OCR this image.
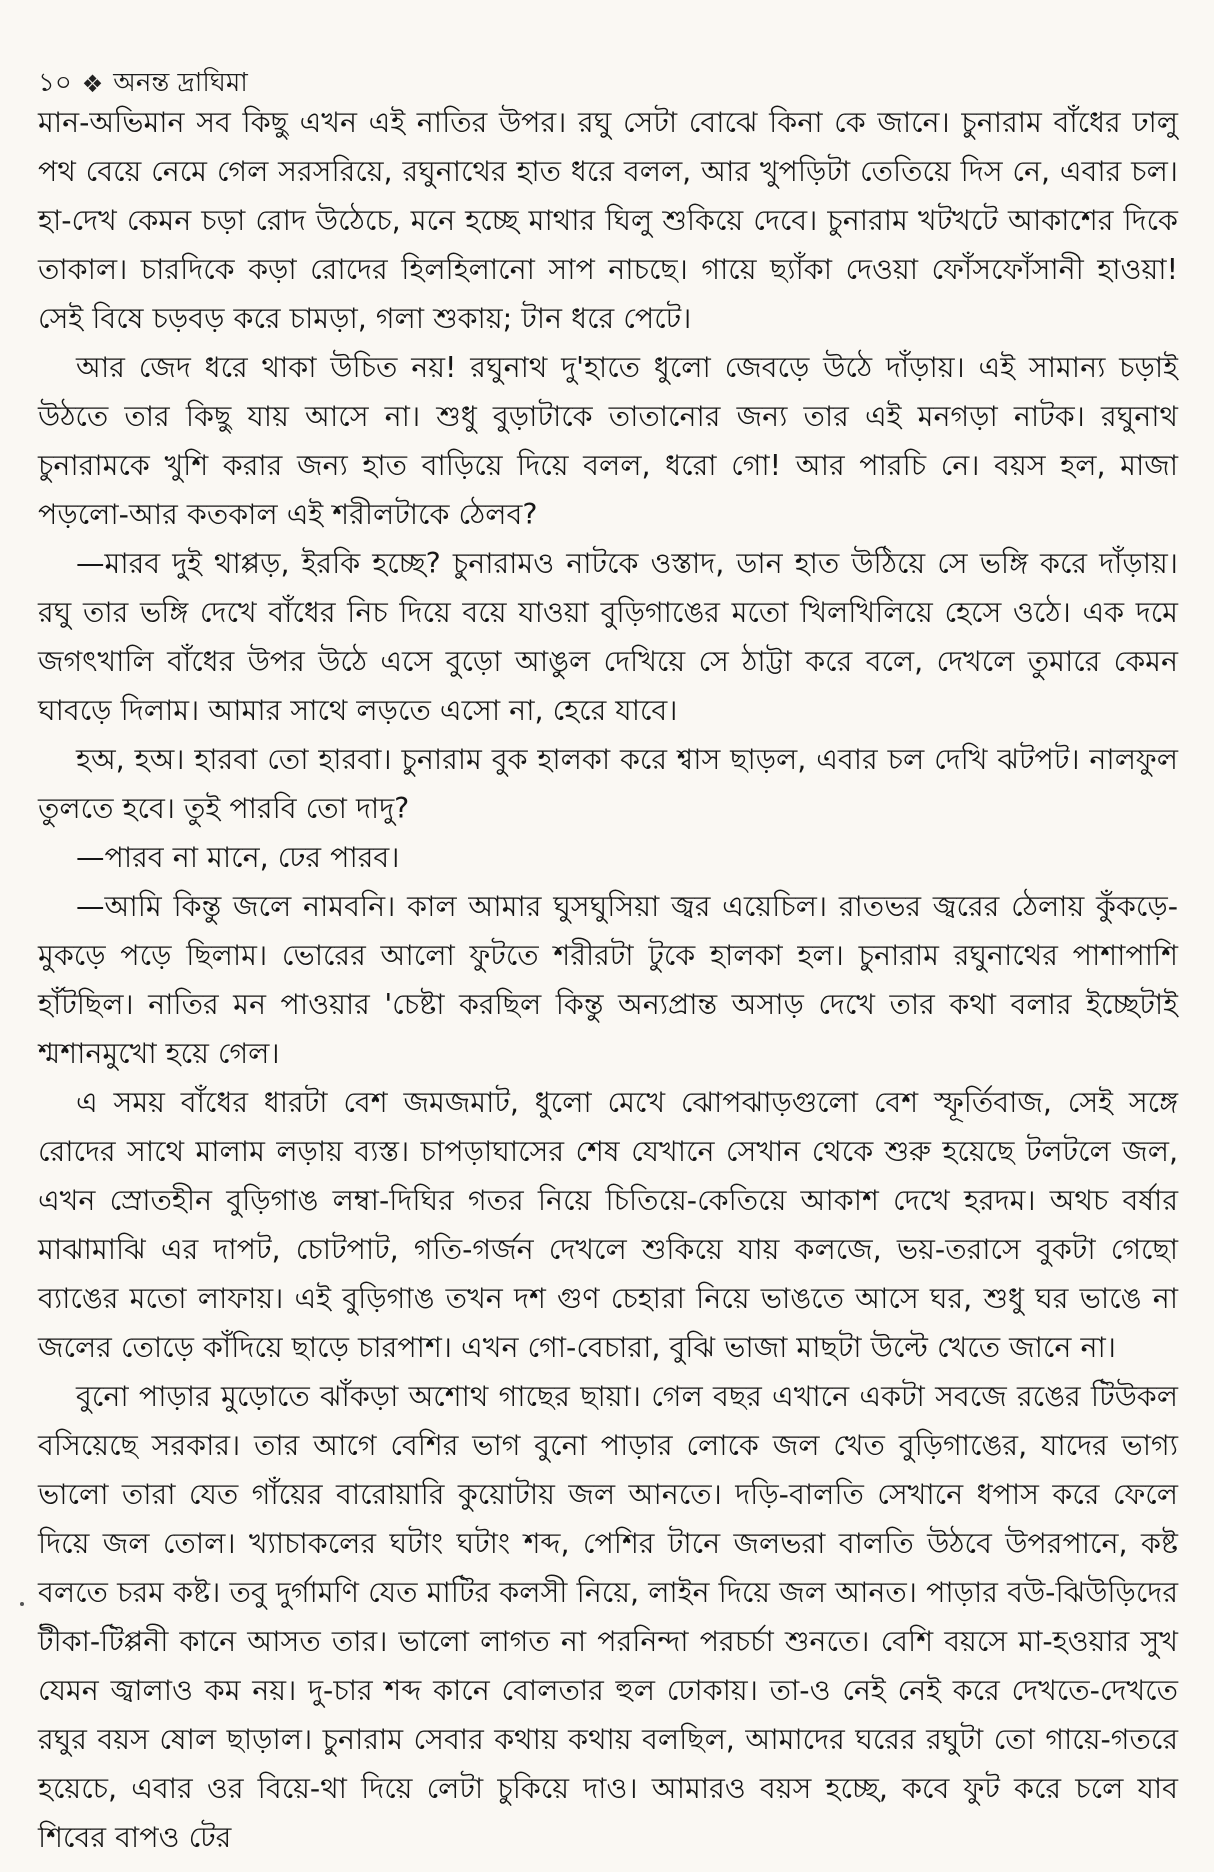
১০ ❖ অনন্ত দ্রাঘিমা

মান-অভিমান সব কিছু এখন এই নাতির উপর। রঘু সেটা বোঝে কিনা কে জানে। চুনারাম বাঁধের ঢালু পথ বেয়ে নেমে গেল সরসরিয়ে, রঘুনাথের হাত ধরে বলল, আর খুপড়িটা তেতিয়ে দিস নে, এবার চল। হা-দেখ কেমন চড়া রোদ উঠেচে, মনে হচ্ছে মাথার ঘিলু শুকিয়ে দেবে। চুনারাম খটখটে আকাশের দিকে তাকাল। চারদিকে কড়া রোদের হিলহিলানো সাপ নাচছে। গায়ে ছ্যাঁকা দেওয়া ফোঁসফোঁসানী হাওয়া! সেই বিষে চড়বড় করে চামড়া, গলা শুকায়; টান ধরে পেটে।

আর জেদ ধরে থাকা উচিত নয়! রঘুনাথ দু'হাতে ধুলো জেবড়ে উঠে দাঁড়ায়। এই সামান্য চড়াই উঠতে তার কিছু যায় আসে না। শুধু বুড়াটাকে তাতানোর জন্য তার এই মনগড়া নাটক। রঘুনাথ চুনারামকে খুশি করার জন্য হাত বাড়িয়ে দিয়ে বলল, ধরো গো! আর পারচি নে। বয়স হল, মাজা পড়লো-আর কতকাল এই শরীলটাকে ঠেলব?

—মারব দুই থাপ্পড়, ইরকি হচ্ছে? চুনারামও নাটকে ওস্তাদ, ডান হাত উঠিয়ে সে ভঙ্গি করে দাঁড়ায়। রঘু তার ভঙ্গি দেখে বাঁধের নিচ দিয়ে বয়ে যাওয়া বুড়িগাঙের মতো খিলখিলিয়ে হেসে ওঠে। এক দমে জগৎখালি বাঁধের উপর উঠে এসে বুড়ো আঙুল দেখিয়ে সে ঠাট্টা করে বলে, দেখলে তুমারে কেমন ঘাবড়ে দিলাম। আমার সাথে লড়তে এসো না, হেরে যাবে।

হঅ, হঅ। হারবা তো হারবা। চুনারাম বুক হালকা করে শ্বাস ছাড়ল, এবার চল দেখি ঝটপট। নালফুল তুলতে হবে। তুই পারবি তো দাদু?

—পারব না মানে, ঢের পারব।

—আমি কিন্তু জলে নামবনি। কাল আমার ঘুসঘুসিয়া জ্বর এয়েচিল। রাতভর জ্বরের ঠেলায় কুঁকড়ে-মুকড়ে পড়ে ছিলাম। ভোরের আলো ফুটতে শরীরটা টুকে হালকা হল। চুনারাম রঘুনাথের পাশাপাশি হাঁটছিল। নাতির মন পাওয়ার 'চেষ্টা করছিল কিন্তু অন্যপ্রান্ত অসাড় দেখে তার কথা বলার ইচ্ছেটাই শ্মশানমুখো হয়ে গেল।

এ সময় বাঁধের ধারটা বেশ জমজমাট, ধুলো মেখে ঝোপঝাড়গুলো বেশ স্ফূর্তিবাজ, সেই সঙ্গে রোদের সাথে মালাম লড়ায় ব্যস্ত। চাপড়াঘাসের শেষ যেখানে সেখান থেকে শুরু হয়েছে টলটলে জল, এখন স্রোতহীন বুড়িগাঙ লম্বা-দিঘির গতর নিয়ে চিতিয়ে-কেতিয়ে আকাশ দেখে হরদম। অথচ বর্ষার মাঝামাঝি এর দাপট, চোটপাট, গতি-গর্জন দেখলে শুকিয়ে যায় কলজে, ভয়-তরাসে বুকটা গেছো ব্যাঙের মতো লাফায়। এই বুড়িগাঙ তখন দশ গুণ চেহারা নিয়ে ভাঙতে আসে ঘর, শুধু ঘর ভাঙে না জলের তোড়ে কাঁদিয়ে ছাড়ে চারপাশ। এখন গো-বেচারা, বুঝি ভাজা মাছটা উল্টে খেতে জানে না।

বুনো পাড়ার মুড়োতে ঝাঁকড়া অশোথ গাছের ছায়া। গেল বছর এখানে একটা সবজে রঙের টিউকল বসিয়েছে সরকার। তার আগে বেশির ভাগ বুনো পাড়ার লোকে জল খেত বুড়িগাঙের, যাদের ভাগ্য ভালো তারা যেত গাঁয়ের বারোয়ারি কুয়োটায় জল আনতে। দড়ি-বালতি সেখানে ধপাস করে ফেলে দিয়ে জল তোল। খ্যাচাকলের ঘটাং ঘটাং শব্দ, পেশির টানে জলভরা বালতি উঠবে উপরপানে, কষ্ট বলতে চরম কষ্ট। তবু দুর্গামণি যেত মাটির কলসী নিয়ে, লাইন দিয়ে জল আনত। পাড়ার বউ-ঝিউড়িদের টীকা-টিপ্পনী কানে আসত তার। ভালো লাগত না পরনিন্দা পরচর্চা শুনতে। বেশি বয়সে মা-হওয়ার সুখ যেমন জ্বালাও কম নয়। দু-চার শব্দ কানে বোলতার হুল ঢোকায়। তা-ও নেই নেই করে দেখতে-দেখতে রঘুর বয়স ষোল ছাড়াল। চুনারাম সেবার কথায় কথায় বলছিল, আমাদের ঘরের রঘুটা তো গায়ে-গতরে হয়েচে, এবার ওর বিয়ে-থা দিয়ে লেটা চুকিয়ে দাও। আমারও বয়স হচ্ছে, কবে ফুট করে চলে যাব শিবের বাপও টের
